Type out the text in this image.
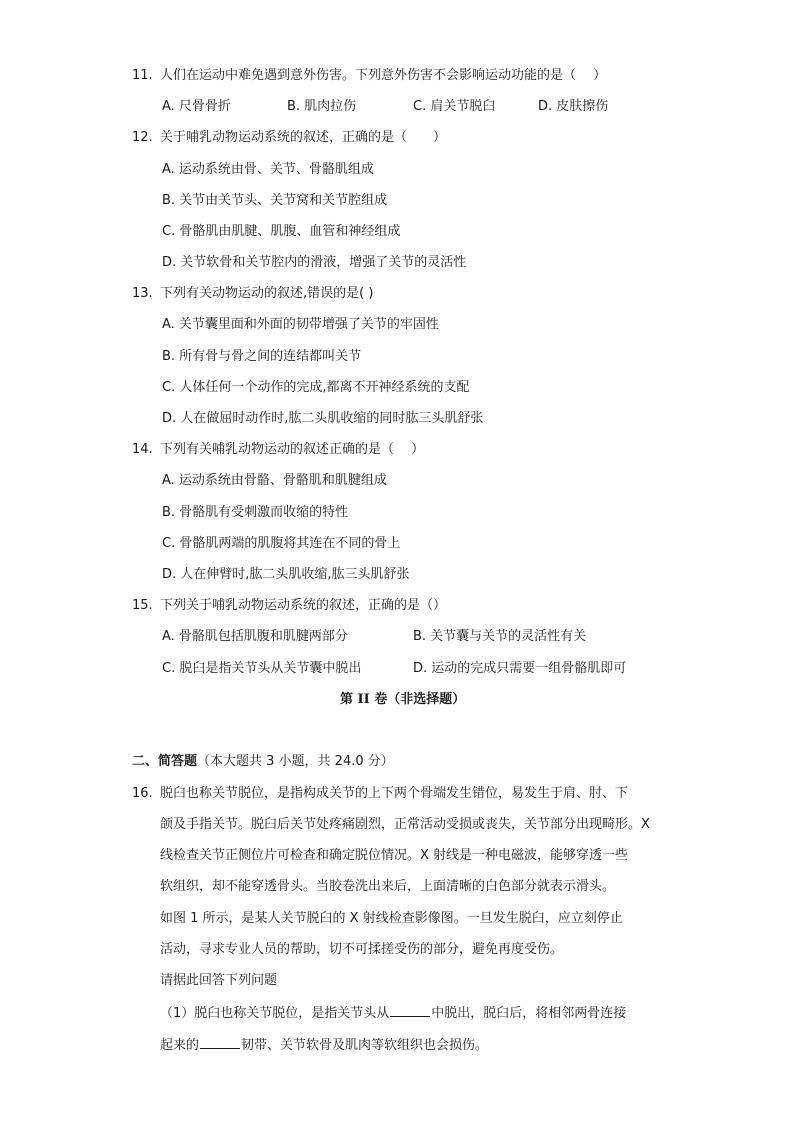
11. 人们在运动中难免遇到意外伤害。下列意外伤害不会影响运动功能的是（　 ）
A. 尺骨骨折	B. 肌肉拉伤	C. 肩关节脱臼	D. 皮肤擦伤
12. 关于哺乳动物运动系统的叙述，正确的是（　　）
A. 运动系统由骨、关节、骨骼肌组成
B. 关节由关节头、关节窝和关节腔组成
C. 骨骼肌由肌腱、肌腹、血管和神经组成
D. 关节软骨和关节腔内的滑液，增强了关节的灵活性
13. 下列有关动物运动的叙述,错误的是( )
A. 关节囊里面和外面的韧带增强了关节的牢固性
B. 所有骨与骨之间的连结都叫关节
C. 人体任何一个动作的完成,都离不开神经系统的支配
D. 人在做屈时动作时,肱二头肌收缩的同时肱三头肌舒张
14. 下列有关哺乳动物运动的叙述正确的是（　 ）
A. 运动系统由骨骼、骨骼肌和肌腱组成
B. 骨骼肌有受刺激而收缩的特性
C. 骨骼肌两端的肌腹将其连在不同的骨上
D. 人在伸臂时,肱二头肌收缩,肱三头肌舒张
15. 下列关于哺乳动物运动系统的叙述，正确的是（）
A. 骨骼肌包括肌腹和肌腱两部分	B. 关节囊与关节的灵活性有关
C. 脱臼是指关节头从关节囊中脱出	D. 运动的完成只需要一组骨骼肌即可
第 II 卷（非选择题）
二、简答题（本大题共 3 小题，共 24.0 分）
16. 脱臼也称关节脱位，是指构成关节的上下两个骨端发生错位，易发生于肩、肘、下
颌及手指关节。脱臼后关节处疼痛剧烈，正常活动受损或丧失，关节部分出现畸形。X
线检查关节正侧位片可检查和确定脱位情况。X 射线是一种电磁波，能够穿透一些
软组织，却不能穿透骨头。当胶卷洗出来后，上面清晰的白色部分就表示滑头。
如图 1 所示，是某人关节脱臼的 X 射线检查影像图。一旦发生脱臼，应立刻停止
活动，寻求专业人员的帮助，切不可揉搓受伤的部分，避免再度受伤。
请据此回答下列问题
（1）脱臼也称关节脱位，是指关节头从	中脱出，脱臼后，将相邻两骨连接
起来的	韧带、关节软骨及肌肉等软组织也会损伤。
